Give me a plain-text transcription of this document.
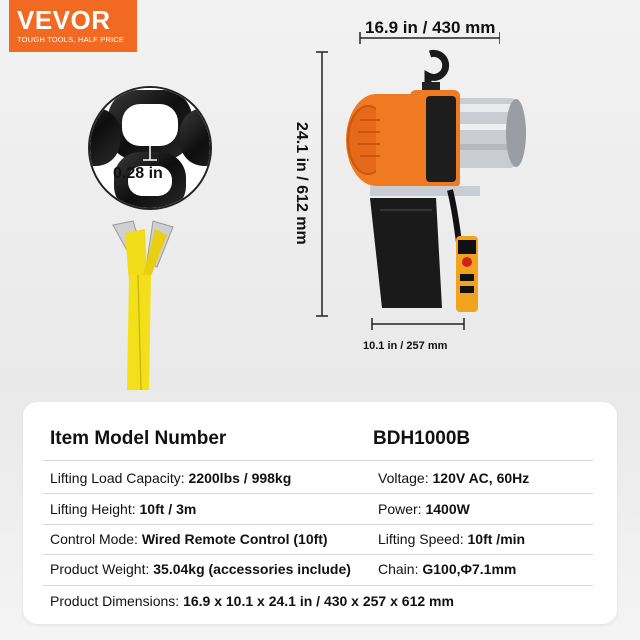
VEVOR
TOUGH TOOLS, HALF PRICE
0.28 in
16.9 in / 430 mm
24.1 in / 612 mm
10.1 in / 257 mm
Item Model Number	BDH1000B
Lifting Load Capacity: 2200lbs / 998kg	Voltage: 120V AC, 60Hz
Lifting Height: 10ft / 3m	Power: 1400W
Control Mode: Wired Remote Control (10ft)	Lifting Speed: 10ft /min
Product Weight: 35.04kg (accessories include) Chain: G100,Φ7.1mm
Product Dimensions: 16.9 x 10.1 x 24.1 in / 430 x 257 x 612 mm
